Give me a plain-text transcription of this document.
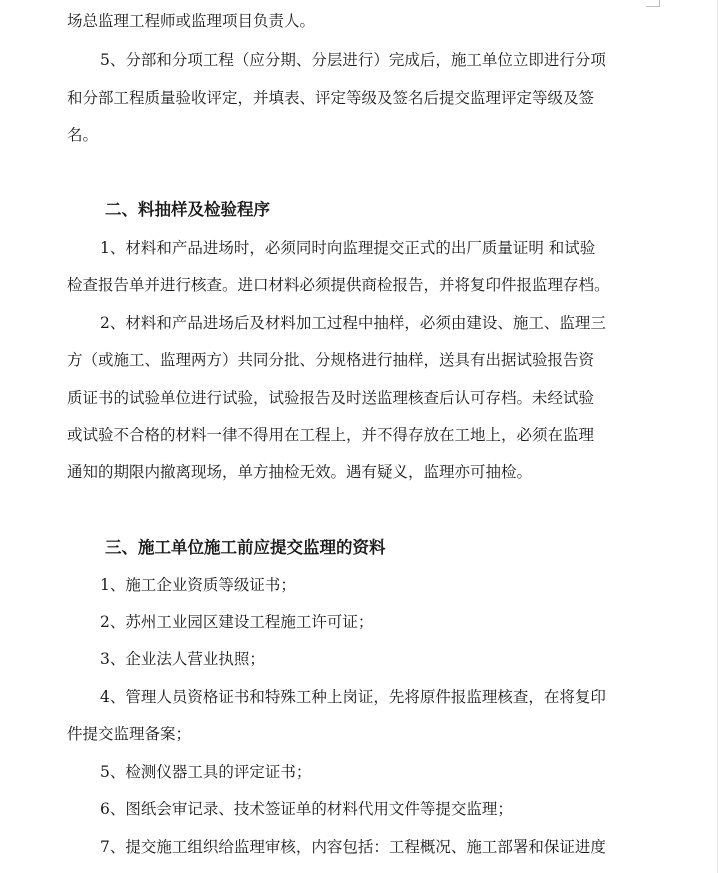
场总监理工程师或监理项目负责人。
5、分部和分项工程（应分期、分层进行）完成后，施工单位立即进行分项
和分部工程质量验收评定，并填表、评定等级及签名后提交监理评定等级及签
名。
二、料抽样及检验程序
1、材料和产品进场时，必须同时向监理提交正式的出厂质量证明 和试验
检查报告单并进行核查。进口材料必须提供商检报告，并将复印件报监理存档。
2、材料和产品进场后及材料加工过程中抽样，必须由建设、施工、监理三
方（或施工、监理两方）共同分批、分规格进行抽样，送具有出据试验报告资
质证书的试验单位进行试验，试验报告及时送监理核查后认可存档。未经试验
或试验不合格的材料一律不得用在工程上，并不得存放在工地上，必须在监理
通知的期限内撤离现场，单方抽检无效。遇有疑义，监理亦可抽检。
三、施工单位施工前应提交监理的资料
1、施工企业资质等级证书；
2、苏州工业园区建设工程施工许可证；
3、企业法人营业执照；
4、管理人员资格证书和特殊工种上岗证，先将原件报监理核查，在将复印
件提交监理备案；
5、检测仪器工具的评定证书；
6、图纸会审记录、技术签证单的材料代用文件等提交监理；
7、提交施工组织给监理审核，内容包括：工程概况、施工部署和保证进度
